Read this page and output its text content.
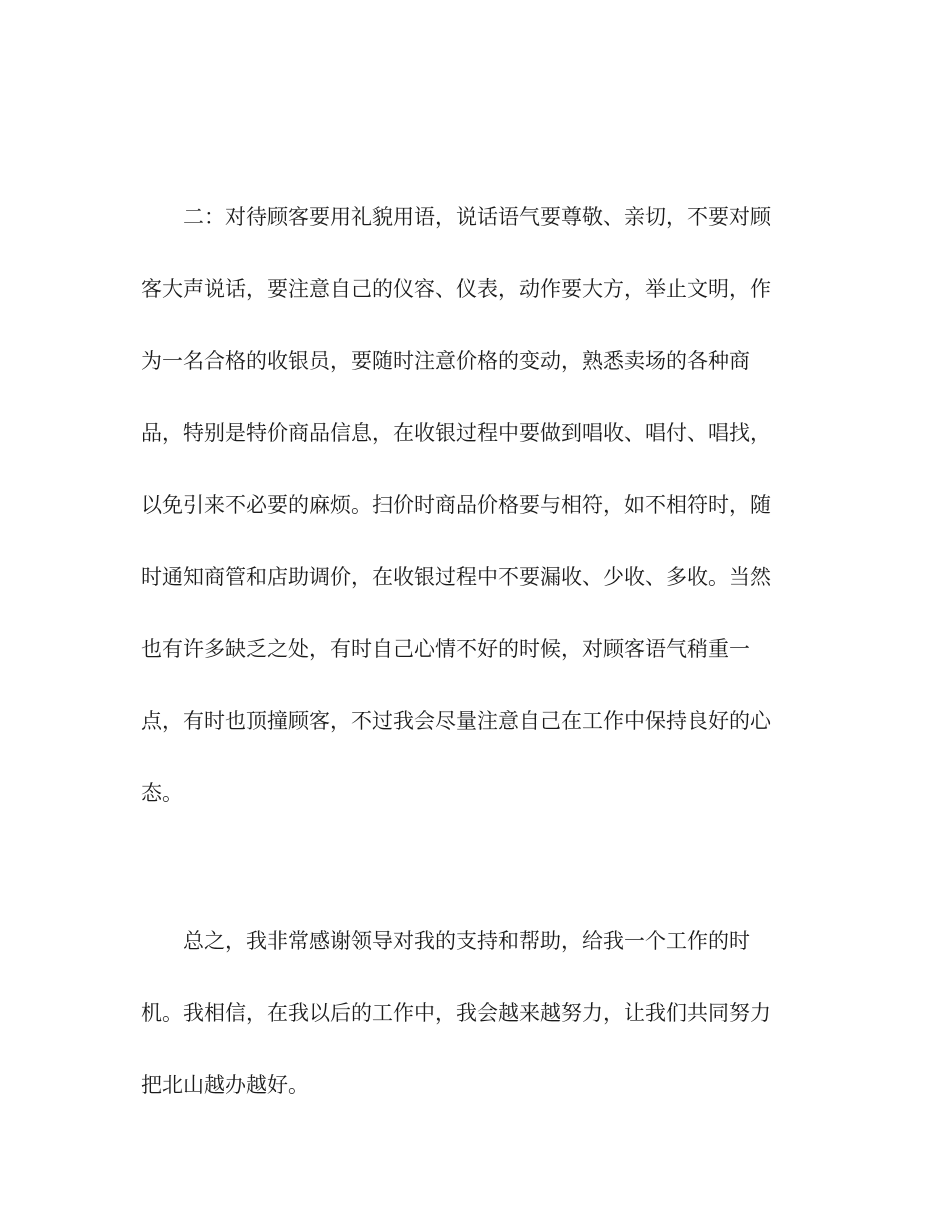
二：对待顾客要用礼貌用语，说话语气要尊敬、亲切，不要对顾
客大声说话，要注意自己的仪容、仪表，动作要大方，举止文明，作
为一名合格的收银员，要随时注意价格的变动，熟悉卖场的各种商
品，特别是特价商品信息，在收银过程中要做到唱收、唱付、唱找，
以免引来不必要的麻烦。扫价时商品价格要与相符，如不相符时，随
时通知商管和店助调价，在收银过程中不要漏收、少收、多收。当然
也有许多缺乏之处，有时自己心情不好的时候，对顾客语气稍重一
点，有时也顶撞顾客，不过我会尽量注意自己在工作中保持良好的心
态。
总之，我非常感谢领导对我的支持和帮助，给我一个工作的时
机。我相信，在我以后的工作中，我会越来越努力，让我们共同努力
把北山越办越好。
